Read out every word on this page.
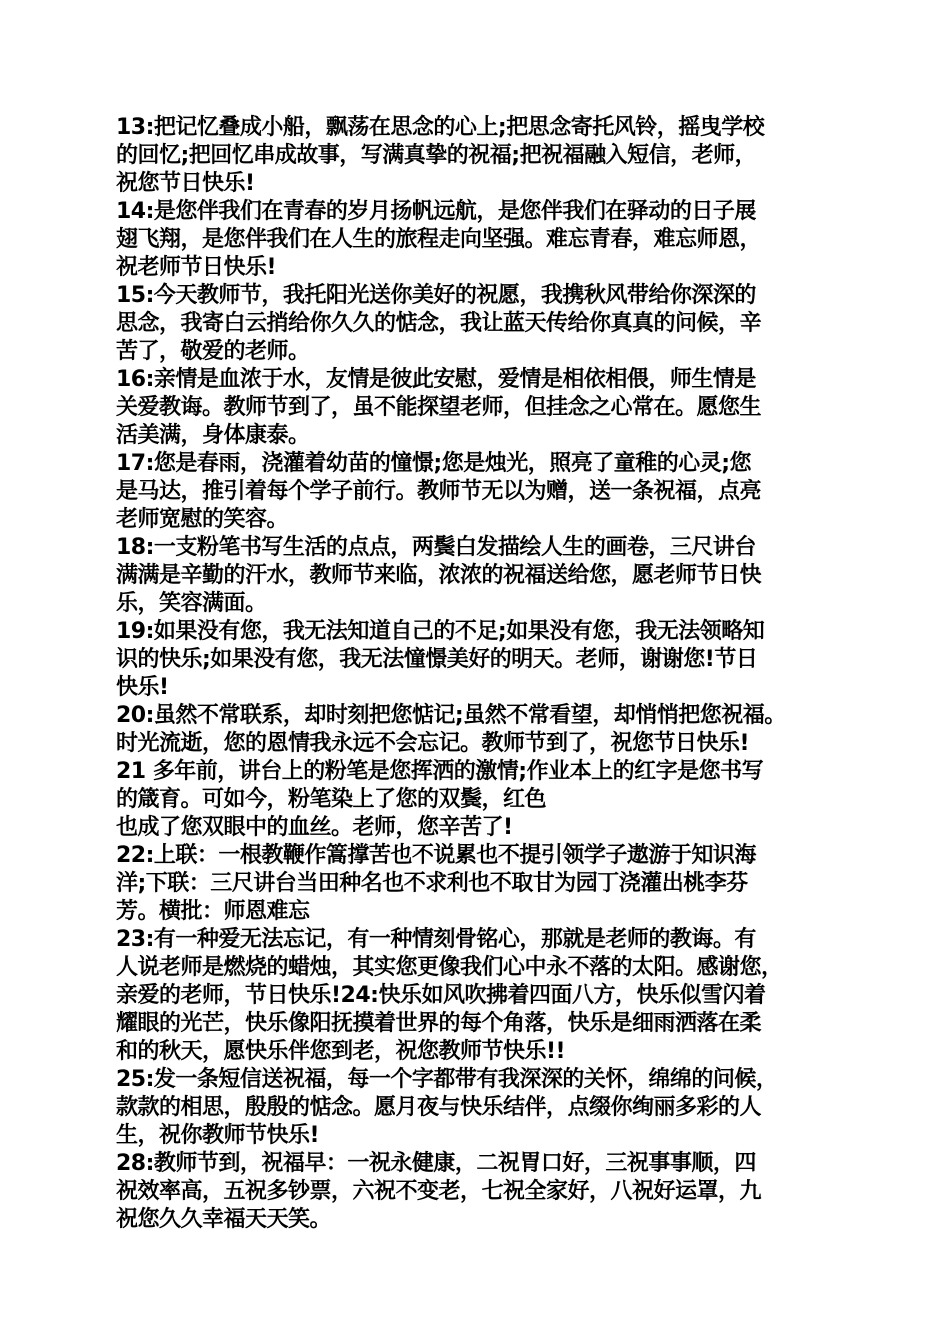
13:把记忆叠成小船，飘荡在思念的心上;把思念寄托风铃，摇曳学校
的回忆;把回忆串成故事，写满真挚的祝福;把祝福融入短信，老师，
祝您节日快乐!
14:是您伴我们在青春的岁月扬帆远航，是您伴我们在驿动的日子展
翅飞翔，是您伴我们在人生的旅程走向坚强。难忘青春，难忘师恩，
祝老师节日快乐!
15:今天教师节，我托阳光送你美好的祝愿，我携秋风带给你深深的
思念，我寄白云捎给你久久的惦念，我让蓝天传给你真真的问候，辛
苦了，敬爱的老师。
16:亲情是血浓于水，友情是彼此安慰，爱情是相依相偎，师生情是
关爱教诲。教师节到了，虽不能探望老师，但挂念之心常在。愿您生
活美满，身体康泰。
17:您是春雨，浇灌着幼苗的憧憬;您是烛光，照亮了童稚的心灵;您
是马达，推引着每个学子前行。教师节无以为赠，送一条祝福，点亮
老师宽慰的笑容。
18:一支粉笔书写生活的点点，两鬓白发描绘人生的画卷，三尺讲台
满满是辛勤的汗水，教师节来临，浓浓的祝福送给您，愿老师节日快
乐，笑容满面。
19:如果没有您，我无法知道自己的不足;如果没有您，我无法领略知
识的快乐;如果没有您，我无法憧憬美好的明天。老师，谢谢您!节日
快乐!
20:虽然不常联系，却时刻把您惦记;虽然不常看望，却悄悄把您祝福。
时光流逝，您的恩情我永远不会忘记。教师节到了，祝您节日快乐!
21 多年前，讲台上的粉笔是您挥洒的激情;作业本上的红字是您书写
的箴育。可如今，粉笔染上了您的双鬓，红色
也成了您双眼中的血丝。老师，您辛苦了!
22:上联：一根教鞭作篙撑苦也不说累也不提引领学子遨游于知识海
洋;下联：三尺讲台当田种名也不求利也不取甘为园丁浇灌出桃李芬
芳。横批：师恩难忘
23:有一种爱无法忘记，有一种情刻骨铭心，那就是老师的教诲。有
人说老师是燃烧的蜡烛，其实您更像我们心中永不落的太阳。感谢您，
亲爱的老师，节日快乐!24:快乐如风吹拂着四面八方，快乐似雪闪着
耀眼的光芒，快乐像阳抚摸着世界的每个角落，快乐是细雨洒落在柔
和的秋天，愿快乐伴您到老，祝您教师节快乐!!
25:发一条短信送祝福，每一个字都带有我深深的关怀，绵绵的问候，
款款的相思，殷殷的惦念。愿月夜与快乐结伴，点缀你绚丽多彩的人
生，祝你教师节快乐!
28:教师节到，祝福早：一祝永健康，二祝胃口好，三祝事事顺，四
祝效率高，五祝多钞票，六祝不变老，七祝全家好，八祝好运罩，九
祝您久久幸福天天笑。
